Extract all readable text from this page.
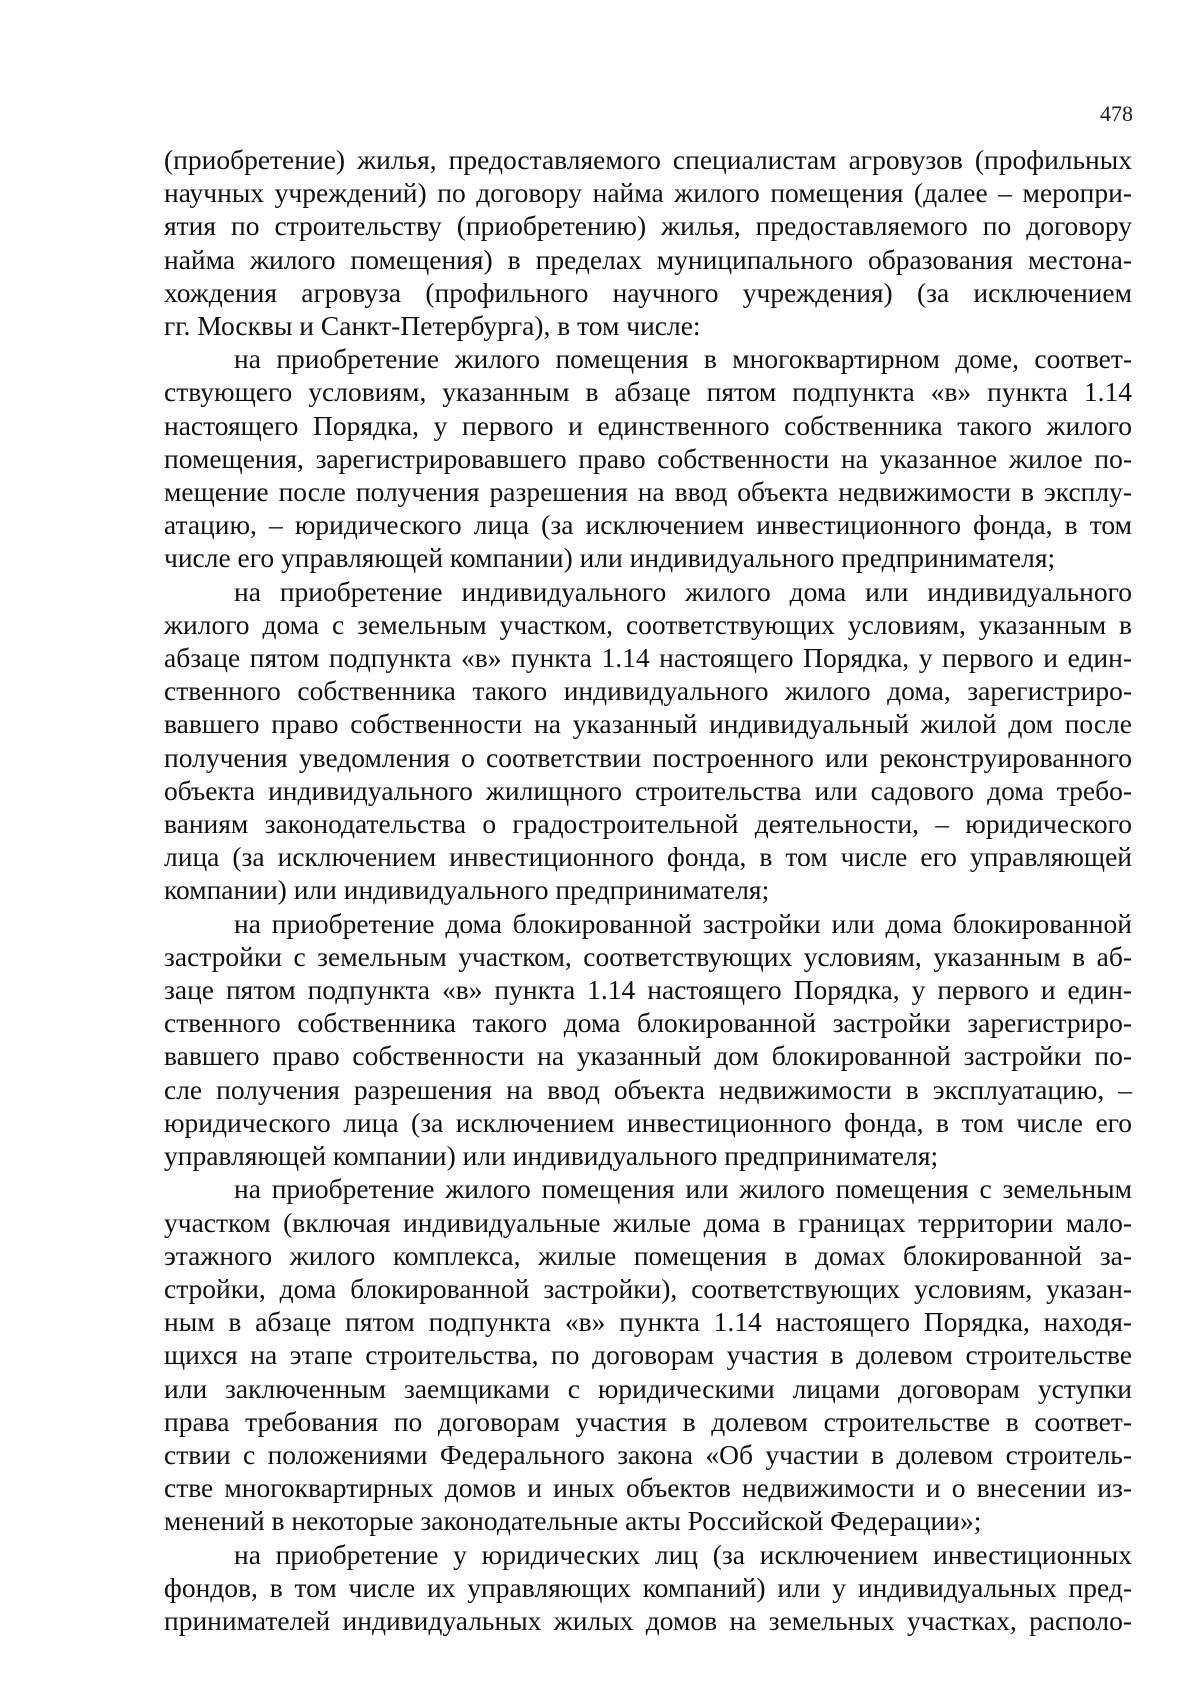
478

(приобретение) жилья, предоставляемого специалистам агровузов (профильных
научных учреждений) по договору найма жилого помещения (далее – меропри-
ятия по строительству (приобретению) жилья, предоставляемого по договору
найма жилого помещения) в пределах муниципального образования местона-
хождения агровуза (профильного научного учреждения) (за исключением
гг. Москвы и Санкт-Петербурга), в том числе:

на приобретение жилого помещения в многоквартирном доме, соответ-
ствующего условиям, указанным в абзаце пятом подпункта «в» пункта 1.14
настоящего Порядка, у первого и единственного собственника такого жилого
помещения, зарегистрировавшего право собственности на указанное жилое по-
мещение после получения разрешения на ввод объекта недвижимости в эксплу-
атацию, – юридического лица (за исключением инвестиционного фонда, в том
числе его управляющей компании) или индивидуального предпринимателя;

на приобретение индивидуального жилого дома или индивидуального
жилого дома с земельным участком, соответствующих условиям, указанным в
абзаце пятом подпункта «в» пункта 1.14 настоящего Порядка, у первого и един-
ственного собственника такого индивидуального жилого дома, зарегистриро-
вавшего право собственности на указанный индивидуальный жилой дом после
получения уведомления о соответствии построенного или реконструированного
объекта индивидуального жилищного строительства или садового дома требо-
ваниям законодательства о градостроительной деятельности, – юридического
лица (за исключением инвестиционного фонда, в том числе его управляющей
компании) или индивидуального предпринимателя;

на приобретение дома блокированной застройки или дома блокированной
застройки с земельным участком, соответствующих условиям, указанным в аб-
заце пятом подпункта «в» пункта 1.14 настоящего Порядка, у первого и един-
ственного собственника такого дома блокированной застройки зарегистриро-
вавшего право собственности на указанный дом блокированной застройки по-
сле получения разрешения на ввод объекта недвижимости в эксплуатацию, –
юридического лица (за исключением инвестиционного фонда, в том числе его
управляющей компании) или индивидуального предпринимателя;

на приобретение жилого помещения или жилого помещения с земельным
участком (включая индивидуальные жилые дома в границах территории мало-
этажного жилого комплекса, жилые помещения в домах блокированной за-
стройки, дома блокированной застройки), соответствующих условиям, указан-
ным в абзаце пятом подпункта «в» пункта 1.14 настоящего Порядка, находя-
щихся на этапе строительства, по договорам участия в долевом строительстве
или заключенным заемщиками с юридическими лицами договорам уступки
права требования по договорам участия в долевом строительстве в соответ-
ствии с положениями Федерального закона «Об участии в долевом строитель-
стве многоквартирных домов и иных объектов недвижимости и о внесении из-
менений в некоторые законодательные акты Российской Федерации»;

на приобретение у юридических лиц (за исключением инвестиционных
фондов, в том числе их управляющих компаний) или у индивидуальных пред-
принимателей индивидуальных жилых домов на земельных участках, располо-
